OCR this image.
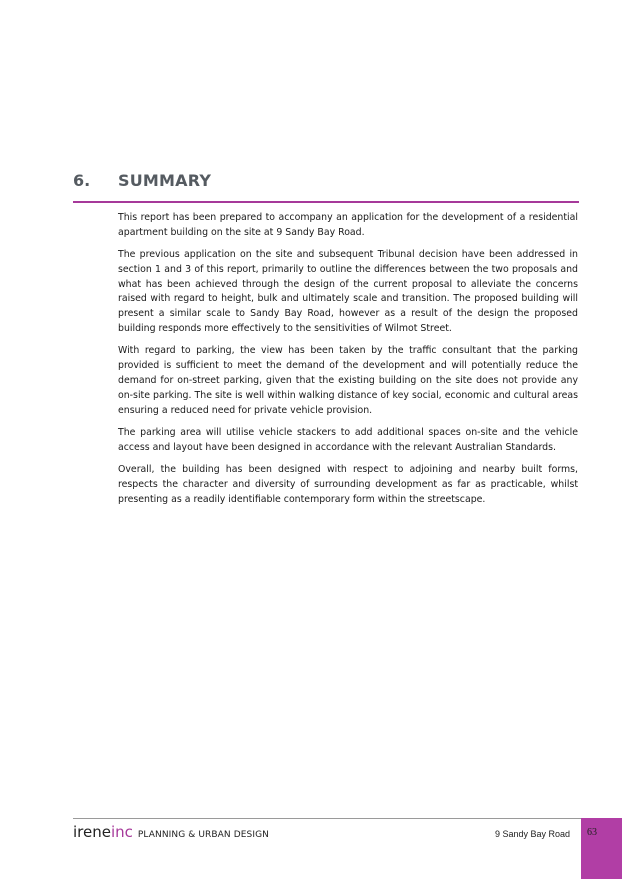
6. SUMMARY

This report has been prepared to accompany an application for the development of a residential apartment building on the site at 9 Sandy Bay Road.

The previous application on the site and subsequent Tribunal decision have been addressed in section 1 and 3 of this report, primarily to outline the differences between the two proposals and what has been achieved through the design of the current proposal to alleviate the concerns raised with regard to height, bulk and ultimately scale and transition. The proposed building will present a similar scale to Sandy Bay Road, however as a result of the design the proposed building responds more effectively to the sensitivities of Wilmot Street.

With regard to parking, the view has been taken by the traffic consultant that the parking provided is sufficient to meet the demand of the development and will potentially reduce the demand for on-street parking, given that the existing building on the site does not provide any on-site parking. The site is well within walking distance of key social, economic and cultural areas ensuring a reduced need for private vehicle provision.

The parking area will utilise vehicle stackers to add additional spaces on-site and the vehicle access and layout have been designed in accordance with the relevant Australian Standards.

Overall, the building has been designed with respect to adjoining and nearby built forms, respects the character and diversity of surrounding development as far as practicable, whilst presenting as a readily identifiable contemporary form within the streetscape.

ireneinc PLANNING & URBAN DESIGN	9 Sandy Bay Road	63
